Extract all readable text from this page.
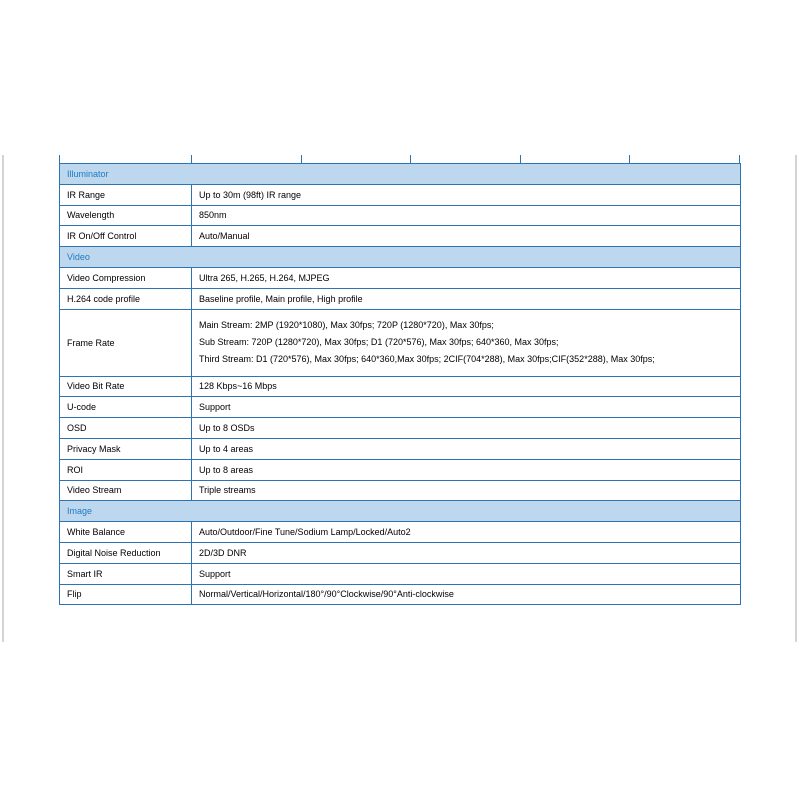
Illuminator	
IR Range	Up to 30m (98ft) IR range
Wavelength	850nm
IR On/Off Control	Auto/Manual
Video	
Video Compression	Ultra 265, H.265, H.264, MJPEG
H.264 code profile	Baseline profile, Main profile, High profile
Frame Rate	Main Stream: 2MP (1920*1080), Max 30fps; 720P (1280*720), Max 30fps;
Sub Stream: 720P (1280*720), Max 30fps; D1 (720*576), Max 30fps; 640*360, Max 30fps;
Third Stream: D1 (720*576), Max 30fps; 640*360,Max 30fps; 2CIF(704*288), Max 30fps;CIF(352*288), Max 30fps;

Video Bit Rate	128 Kbps~16 Mbps
U-code	Support
OSD	Up to 8 OSDs
Privacy Mask	Up to 4 areas
ROI	Up to 8 areas
Video Stream	Triple streams
Image	
White Balance	Auto/Outdoor/Fine Tune/Sodium Lamp/Locked/Auto2
Digital Noise Reduction	2D/3D DNR
Smart IR	Support
Flip	Normal/Vertical/Horizontal/180°/90°Clockwise/90°Anti-clockwise
